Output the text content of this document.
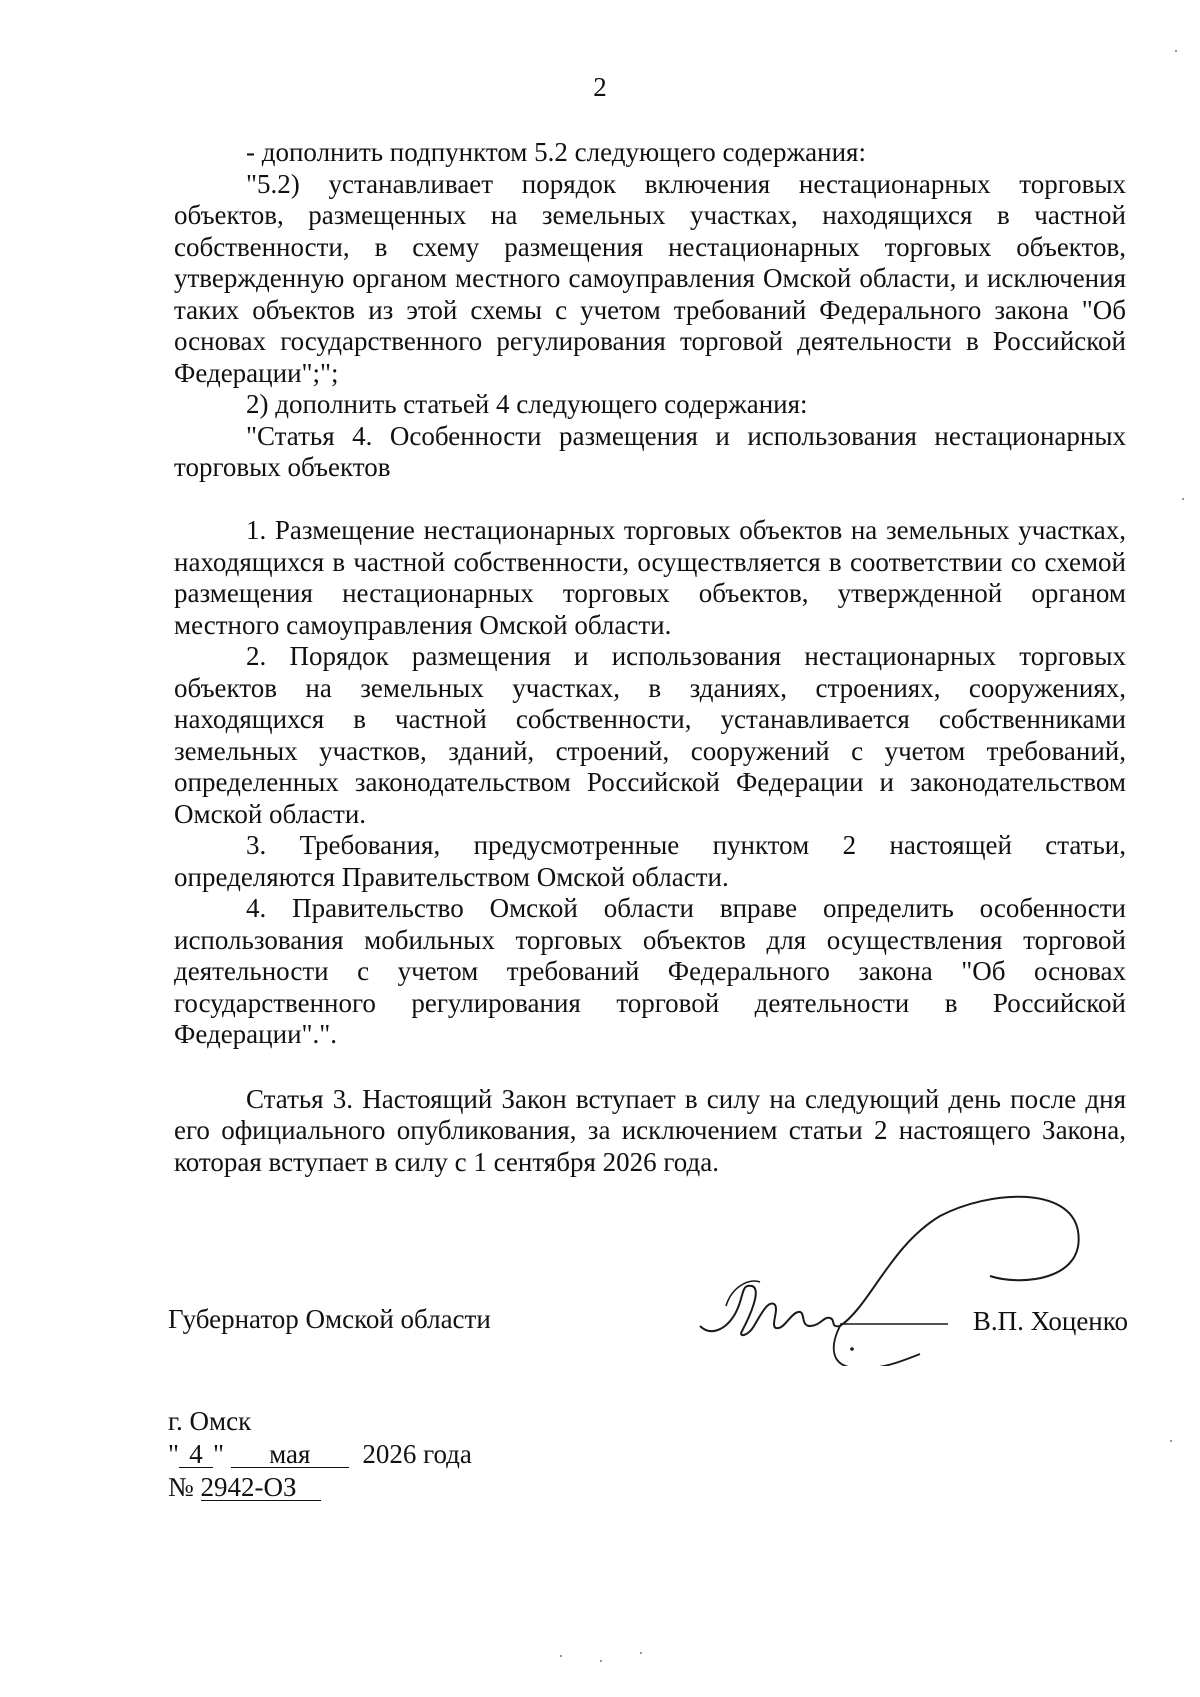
2

- дополнить подпунктом 5.2 следующего содержания:

"5.2) устанавливает порядок включения нестационарных торговых объектов, размещенных на земельных участках, находящихся в частной собственности, в схему размещения нестационарных торговых объектов, утвержденную органом местного самоуправления Омской области, и исключения таких объектов из этой схемы с учетом требований Федерального закона "Об основах государственного регулирования торговой деятельности в Российской Федерации";";

2) дополнить статьей 4 следующего содержания:

"Статья 4. Особенности размещения и использования нестационарных торговых объектов

1. Размещение нестационарных торговых объектов на земельных участках, находящихся в частной собственности, осуществляется в соответствии со схемой размещения нестационарных торговых объектов, утвержденной органом местного самоуправления Омской области.

2. Порядок размещения и использования нестационарных торговых объектов на земельных участках, в зданиях, строениях, сооружениях, находящихся в частной собственности, устанавливается собственниками земельных участков, зданий, строений, сооружений с учетом требований, определенных законодательством Российской Федерации и законодательством Омской области.

3. Требования, предусмотренные пунктом 2 настоящей статьи, определяются Правительством Омской области.

4. Правительство Омской области вправе определить особенности использования мобильных торговых объектов для осуществления торговой деятельности с учетом требований Федерального закона "Об основах государственного регулирования торговой деятельности в Российской Федерации".".

Статья 3. Настоящий Закон вступает в силу на следующий день после дня его официального опубликования, за исключением статьи 2 настоящего Закона, которая вступает в силу с 1 сентября 2026 года.

Губернатор Омской области	В.П. Хоценко
г. Омск
" 4 " мая 2026 года
№ 2942-ОЗ
